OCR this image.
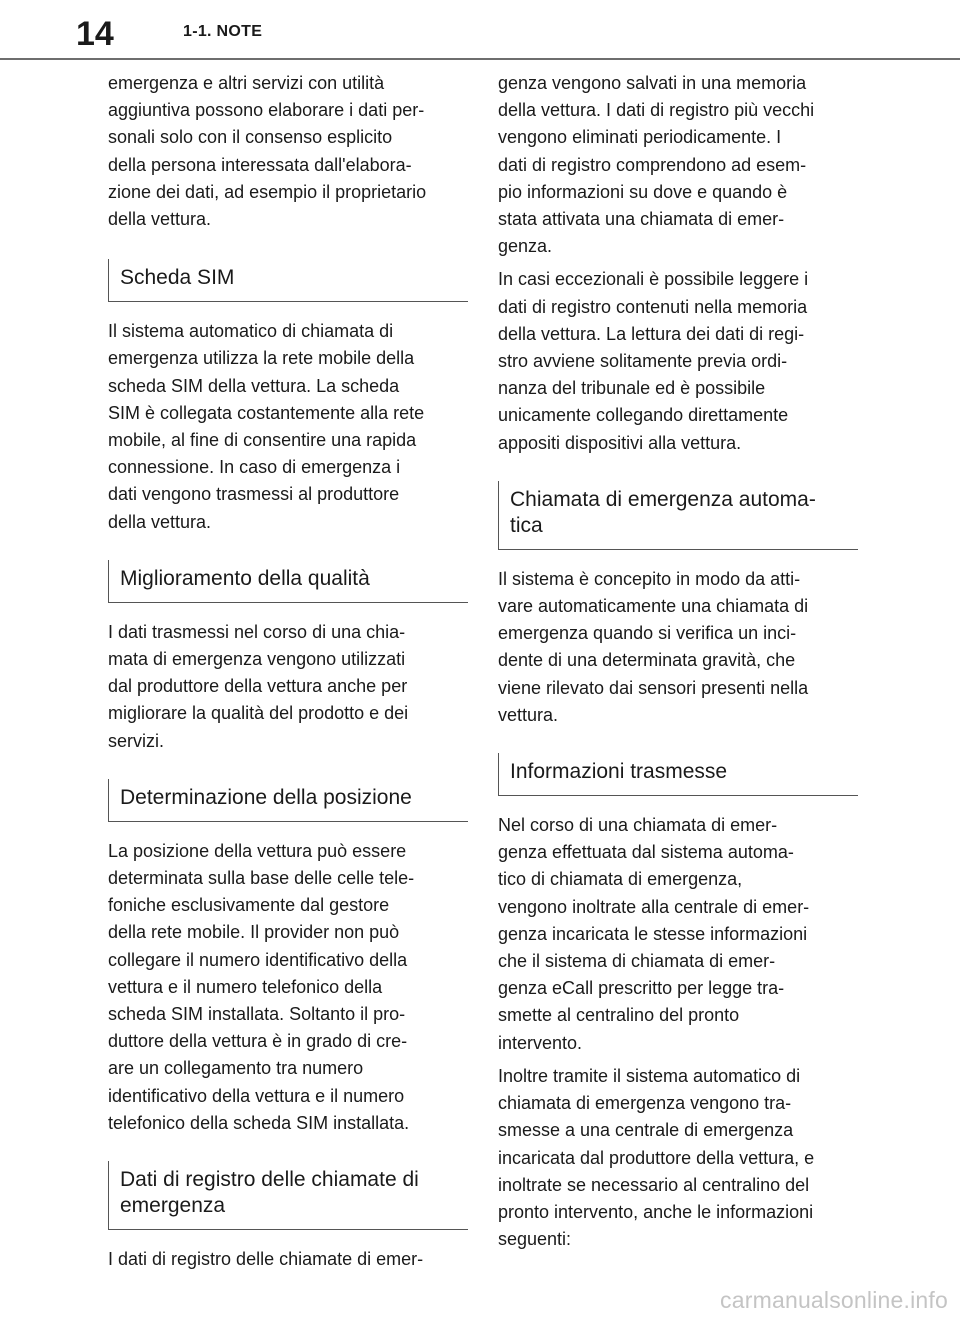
14	1-1. NOTE

emergenza e altri servizi con utilità
aggiuntiva possono elaborare i dati per-
sonali solo con il consenso esplicito
della persona interessata dall'elabora-
zione dei dati, ad esempio il proprietario
della vettura.

Scheda SIM

Il sistema automatico di chiamata di
emergenza utilizza la rete mobile della
scheda SIM della vettura. La scheda
SIM è collegata costantemente alla rete
mobile, al fine di consentire una rapida
connessione. In caso di emergenza i
dati vengono trasmessi al produttore
della vettura.

Miglioramento della qualità

I dati trasmessi nel corso di una chia-
mata di emergenza vengono utilizzati
dal produttore della vettura anche per
migliorare la qualità del prodotto e dei
servizi.

Determinazione della posizione

La posizione della vettura può essere
determinata sulla base delle celle tele-
foniche esclusivamente dal gestore
della rete mobile. Il provider non può
collegare il numero identificativo della
vettura e il numero telefonico della
scheda SIM installata. Soltanto il pro-
duttore della vettura è in grado di cre-
are un collegamento tra numero
identificativo della vettura e il numero
telefonico della scheda SIM installata.

Dati di registro delle chiamate di
emergenza

I dati di registro delle chiamate di emer-

genza vengono salvati in una memoria
della vettura. I dati di registro più vecchi
vengono eliminati periodicamente. I
dati di registro comprendono ad esem-
pio informazioni su dove e quando è
stata attivata una chiamata di emer-
genza.

In casi eccezionali è possibile leggere i
dati di registro contenuti nella memoria
della vettura. La lettura dei dati di regi-
stro avviene solitamente previa ordi-
nanza del tribunale ed è possibile
unicamente collegando direttamente
appositi dispositivi alla vettura.

Chiamata di emergenza automa-
tica

Il sistema è concepito in modo da atti-
vare automaticamente una chiamata di
emergenza quando si verifica un inci-
dente di una determinata gravità, che
viene rilevato dai sensori presenti nella
vettura.

Informazioni trasmesse

Nel corso di una chiamata di emer-
genza effettuata dal sistema automa-
tico di chiamata di emergenza,
vengono inoltrate alla centrale di emer-
genza incaricata le stesse informazioni
che il sistema di chiamata di emer-
genza eCall prescritto per legge tra-
smette al centralino del pronto
intervento.

Inoltre tramite il sistema automatico di
chiamata di emergenza vengono tra-
smesse a una centrale di emergenza
incaricata dal produttore della vettura, e
inoltrate se necessario al centralino del
pronto intervento, anche le informazioni
seguenti:

carmanualsonline.info
